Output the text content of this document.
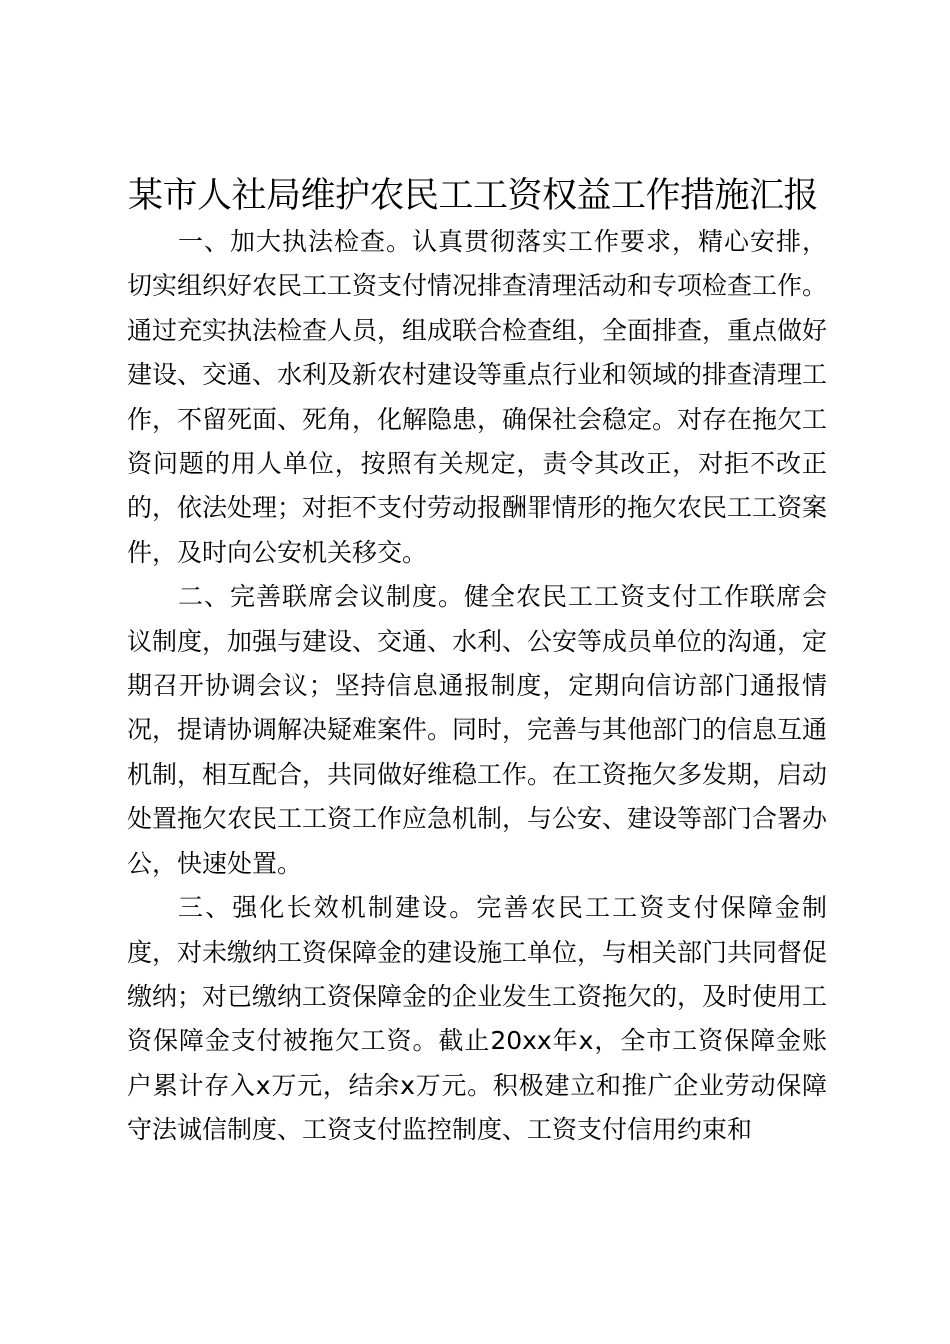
某市人社局维护农民工工资权益工作措施汇报

一、加大执法检查。认真贯彻落实工作要求，精心安排，切实组织好农民工工资支付情况排查清理活动和专项检查工作。通过充实执法检查人员，组成联合检查组，全面排查，重点做好建设、交通、水利及新农村建设等重点行业和领域的排查清理工作，不留死面、死角，化解隐患，确保社会稳定。对存在拖欠工资问题的用人单位，按照有关规定，责令其改正，对拒不改正的，依法处理；对拒不支付劳动报酬罪情形的拖欠农民工工资案件，及时向公安机关移交。

二、完善联席会议制度。健全农民工工资支付工作联席会议制度，加强与建设、交通、水利、公安等成员单位的沟通，定期召开协调会议；坚持信息通报制度，定期向信访部门通报情况，提请协调解决疑难案件。同时，完善与其他部门的信息互通机制，相互配合，共同做好维稳工作。在工资拖欠多发期，启动处置拖欠农民工工资工作应急机制，与公安、建设等部门合署办公，快速处置。

三、强化长效机制建设。完善农民工工资支付保障金制度，对未缴纳工资保障金的建设施工单位，与相关部门共同督促缴纳；对已缴纳工资保障金的企业发生工资拖欠的，及时使用工资保障金支付被拖欠工资。截止20xx年x，全市工资保障金账户累计存入x万元，结余x万元。积极建立和推广企业劳动保障守法诚信制度、工资支付监控制度、工资支付信用约束和
